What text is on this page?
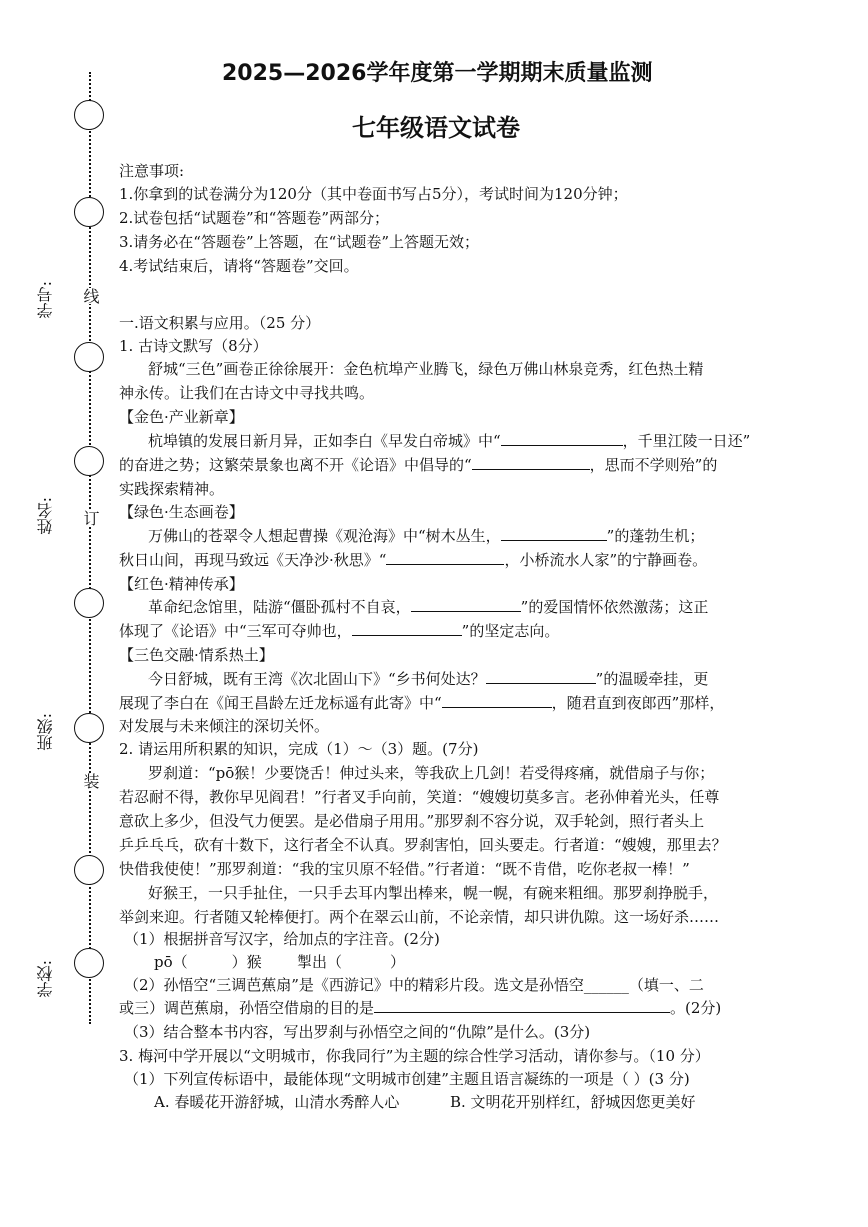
学号:
姓名:
班级:
学校:
线
订
装
2025—2026学年度第一学期期末质量监测
七年级语文试卷
注意事项:
1.你拿到的试卷满分为120分（其中卷面书写占5分），考试时间为120分钟；
2.试卷包括“试题卷”和“答题卷”两部分；
3.请务必在“答题卷”上答题，在“试题卷”上答题无效；
4.考试结束后，请将“答题卷”交回。
一.语文积累与应用。（25 分）
1. 古诗文默写（8分）
舒城“三色”画卷正徐徐展开：金色杭埠产业腾飞，绿色万佛山林泉竞秀，红色热土精
神永传。让我们在古诗文中寻找共鸣。
【金色·产业新章】
杭埠镇的发展日新月异，正如李白《早发白帝城》中“	，千里江陵一日还”
的奋进之势；这繁荣景象也离不开《论语》中倡导的“	，思而不学则殆”的
实践探索精神。
【绿色·生态画卷】
万佛山的苍翠令人想起曹操《观沧海》中“树木丛生，	”的蓬勃生机；
秋日山间，再现马致远《天净沙·秋思》“	，小桥流水人家”的宁静画卷。
【红色·精神传承】
革命纪念馆里，陆游“僵卧孤村不自哀，	”的爱国情怀依然激荡；这正
体现了《论语》中“三军可夺帅也，	”的坚定志向。
【三色交融·情系热土】
今日舒城，既有王湾《次北固山下》“乡书何处达？	”的温暖牵挂，更
展现了李白在《闻王昌龄左迁龙标遥有此寄》中“	，随君直到夜郎西”那样，
对发展与未来倾注的深切关怀。
2. 请运用所积累的知识，完成（1）～（3）题。(7分)
罗刹道：“pō猴！少要饶舌！伸过头来，等我砍上几剑！若受得疼痛，就借扇子与你；
若忍耐不得，教你早见阎君！”行者叉手向前，笑道：“嫂嫂切莫多言。老孙伸着光头，任尊
意砍上多少，但没气力便罢。是必借扇子用用。”那罗刹不容分说，双手轮剑，照行者头上
乒乒乓乓，砍有十数下，这行者全不认真。罗刹害怕，回头要走。行者道：“嫂嫂，那里去？
快借我使使！”那罗刹道：“我的宝贝原不轻借。”行者道：“既不肯借，吃你老叔一棒！”
好猴王，一只手扯住，一只手去耳内掣出棒来，幌一幌，有碗来粗细。那罗刹挣脱手，
举剑来迎。行者随又轮棒便打。两个在翠云山前，不论亲情，却只讲仇隙。这一场好杀……
（1）根据拼音写汉字，给加点的字注音。(2分)
pō（	）猴 掣出（	）
（2）孙悟空“三调芭蕉扇”是《西游记》中的精彩片段。选文是孙悟空______（填一、二
或三）调芭蕉扇，孙悟空借扇的目的是	。(2分)
（3）结合整本书内容，写出罗刹与孙悟空之间的“仇隙”是什么。(3分)
3. 梅河中学开展以“文明城市，你我同行”为主题的综合性学习活动，请你参与。（10 分）
（1）下列宣传标语中，最能体现“文明城市创建”主题且语言凝练的一项是（ ）(3 分)
A. 春暖花开游舒城，山清水秀醉人心	B. 文明花开别样红，舒城因您更美好
